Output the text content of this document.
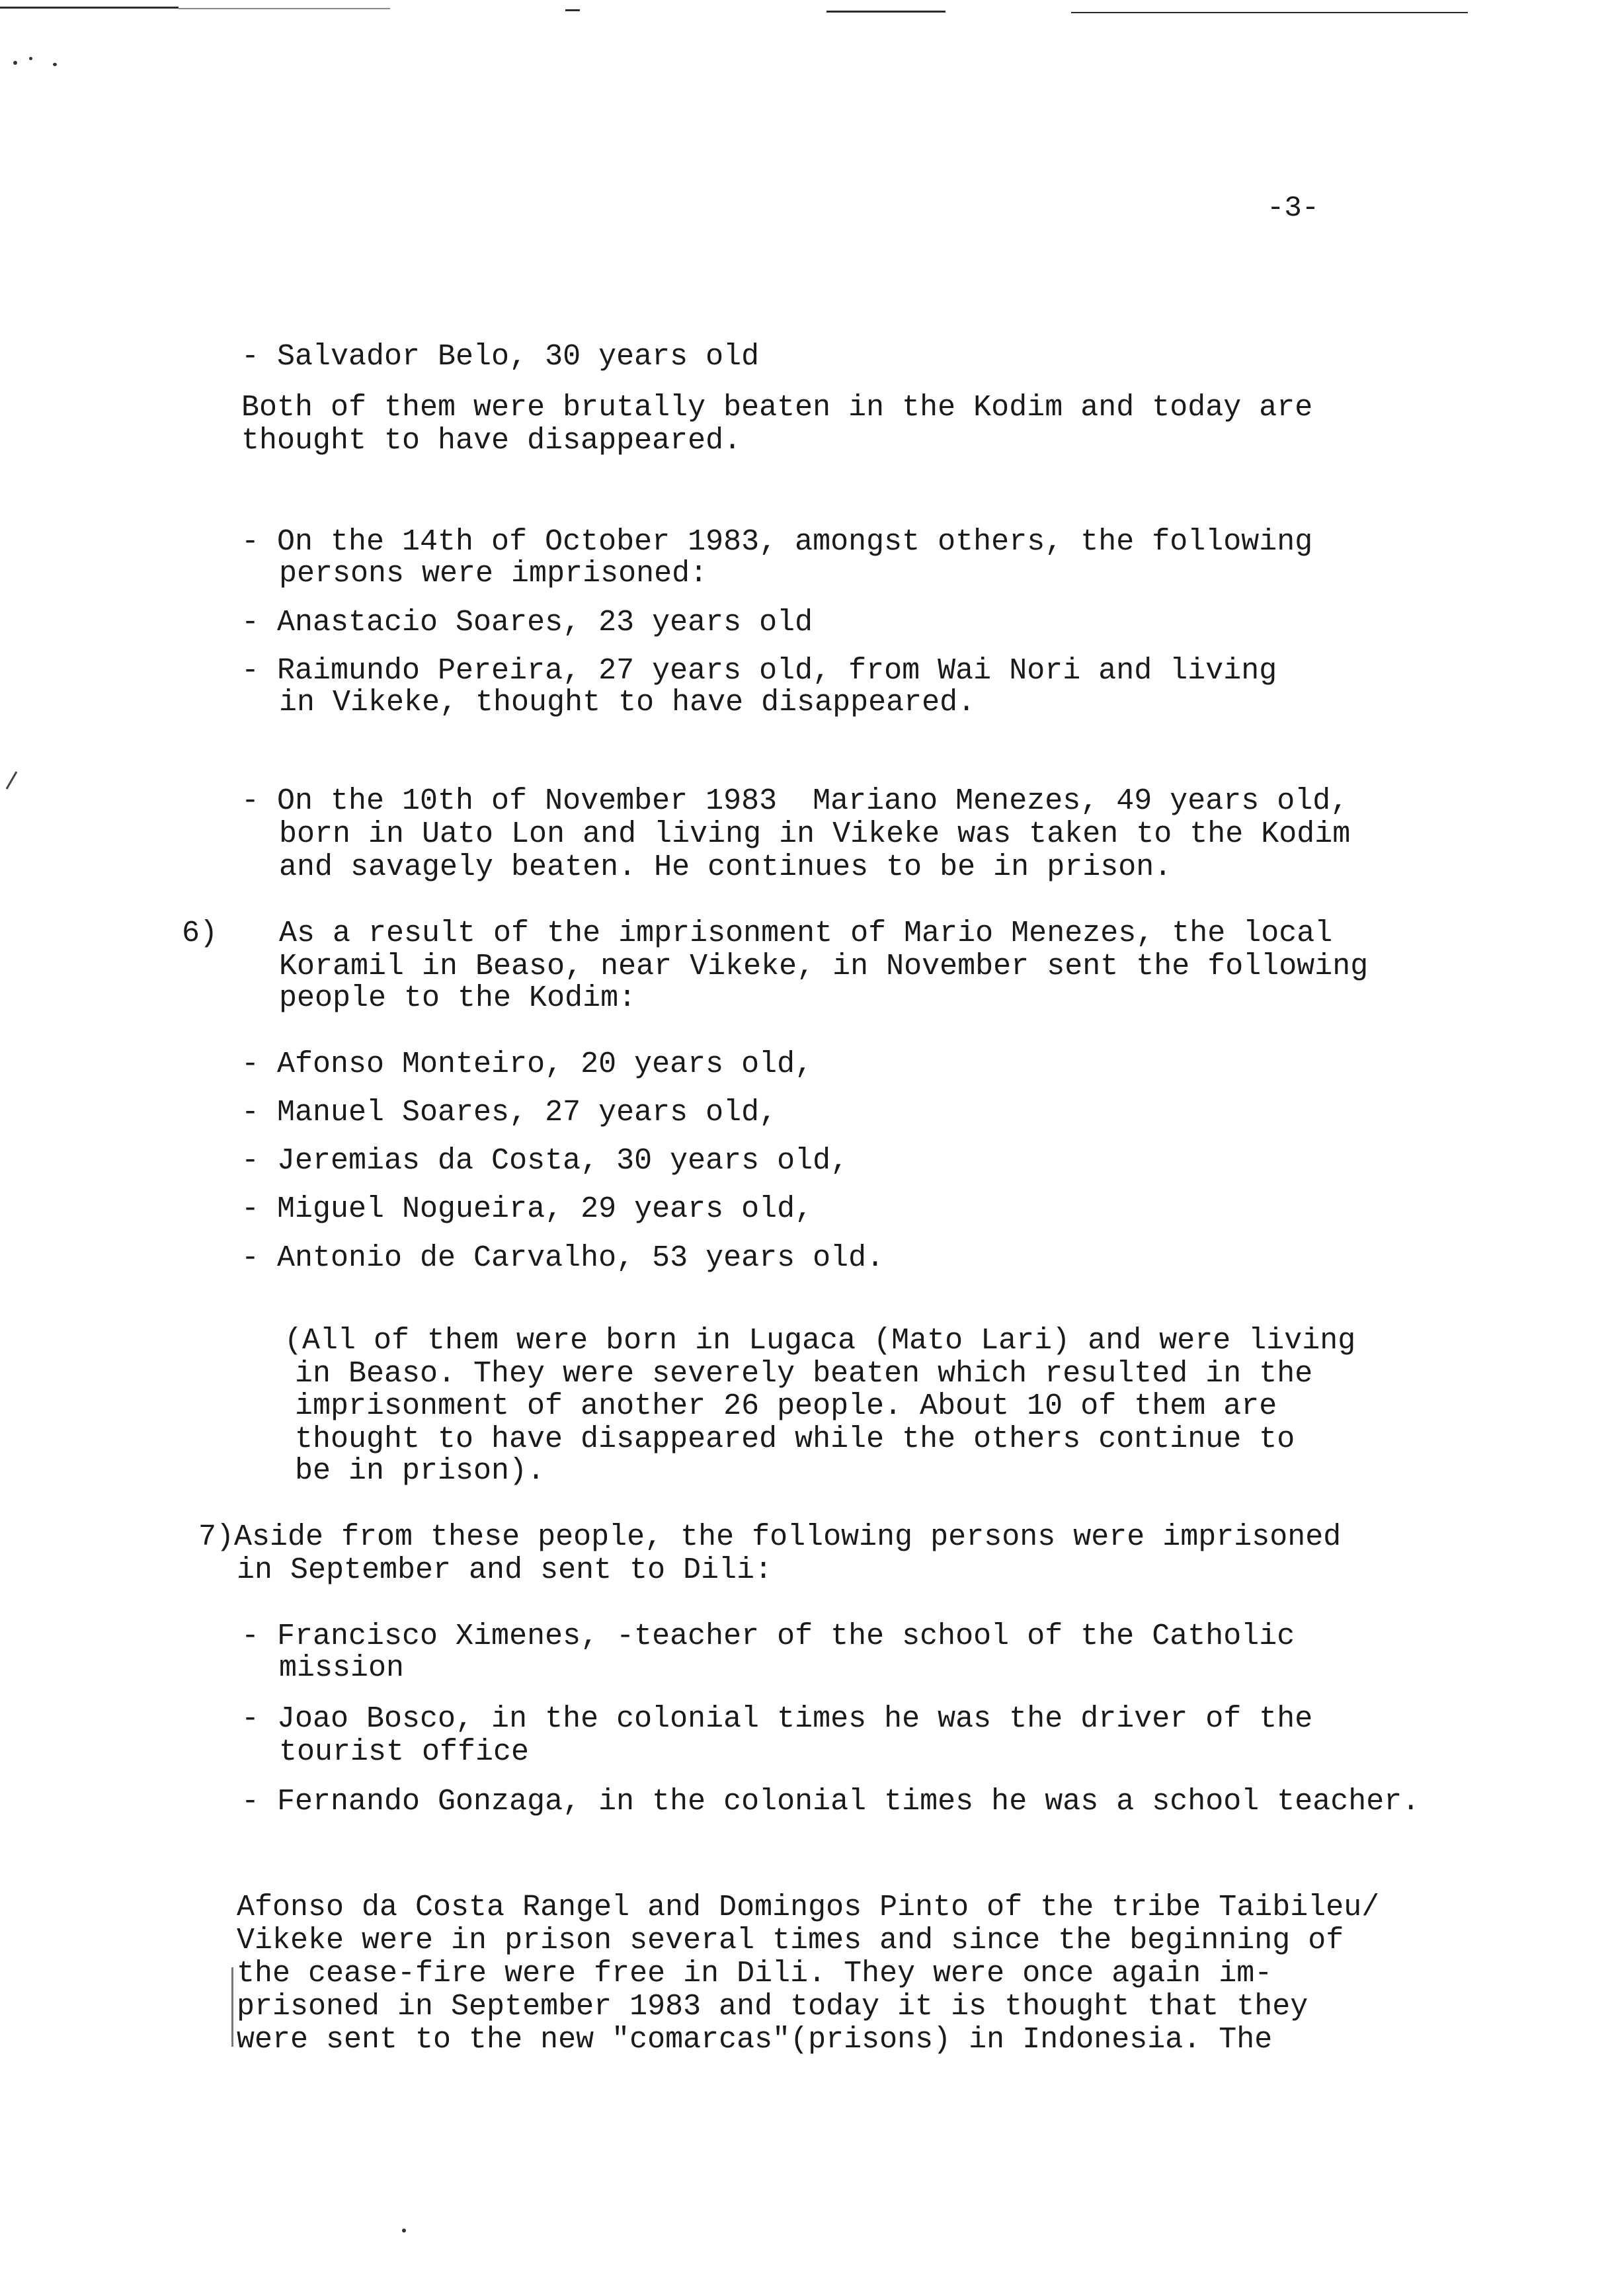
-3-

- Salvador Belo, 30 years old

Both of them were brutally beaten in the Kodim and today are

thought to have disappeared.

- On the 14th of October 1983, amongst others, the following

persons were imprisoned:

- Anastacio Soares, 23 years old

- Raimundo Pereira, 27 years old, from Wai Nori and living

in Vikeke, thought to have disappeared.

- On the 10th of November 1983  Mariano Menezes, 49 years old,

born in Uato Lon and living in Vikeke was taken to the Kodim

and savagely beaten. He continues to be in prison.

6) As a result of the imprisonment of Mario Menezes, the local

Koramil in Beaso, near Vikeke, in November sent the following

people to the Kodim:

- Afonso Monteiro, 20 years old,

- Manuel Soares, 27 years old,

- Jeremias da Costa, 30 years old,

- Miguel Nogueira, 29 years old,

- Antonio de Carvalho, 53 years old.

(All of them were born in Lugaca (Mato Lari) and were living

in Beaso. They were severely beaten which resulted in the

imprisonment of another 26 people. About 10 of them are

thought to have disappeared while the others continue to

be in prison).

7)Aside from these people, the following persons were imprisoned

in September and sent to Dili:

- Francisco Ximenes, -teacher of the school of the Catholic

mission

- Joao Bosco, in the colonial times he was the driver of the

tourist office

- Fernando Gonzaga, in the colonial times he was a school teacher.

Afonso da Costa Rangel and Domingos Pinto of the tribe Taibileu/

Vikeke were in prison several times and since the beginning of

the cease-fire were free in Dili. They were once again im-

prisoned in September 1983 and today it is thought that they

were sent to the new "comarcas"(prisons) in Indonesia. The
